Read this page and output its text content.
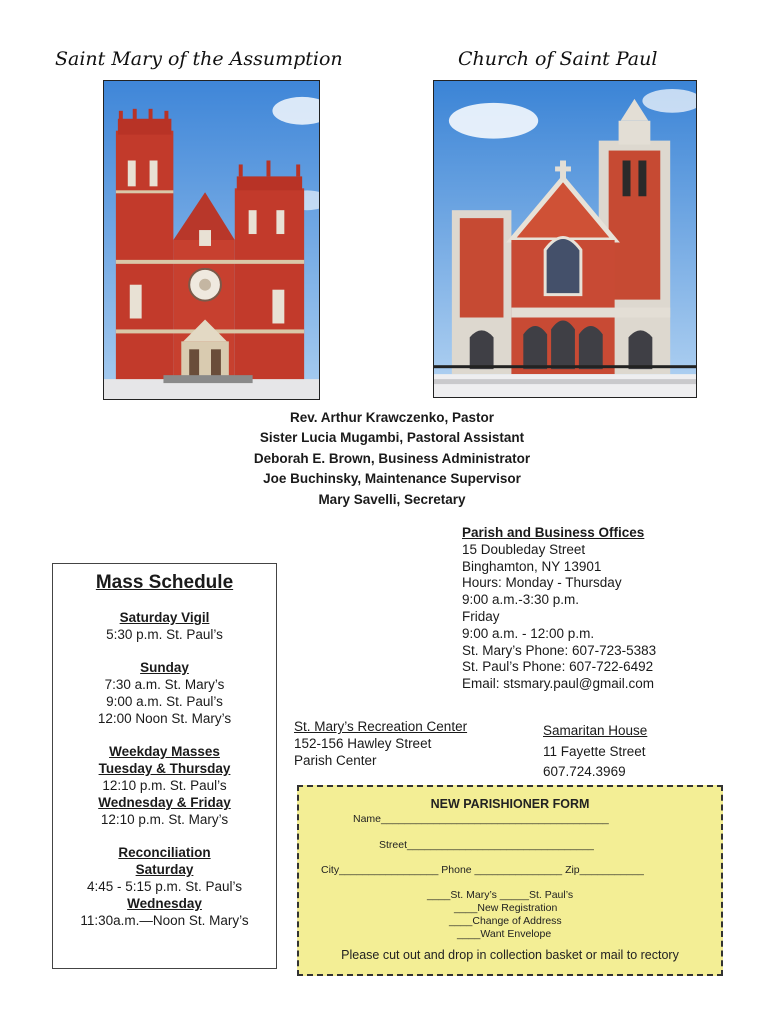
Saint Mary of the Assumption	Church of Saint Paul
Rev. Arthur Krawczenko, Pastor
Sister Lucia Mugambi, Pastoral Assistant
Deborah E. Brown, Business Administrator
Joe Buchinsky, Maintenance Supervisor
Mary Savelli, Secretary
Parish and Business Offices
15 Doubleday Street
Binghamton, NY 13901
Hours: Monday - Thursday
9:00 a.m.-3:30 p.m.
Friday
9:00 a.m. - 12:00 p.m.
St. Mary’s Phone: 607-723-5383
St. Paul’s Phone: 607-722-6492
Email: stsmary.paul@gmail.com
Mass Schedule
Saturday Vigil
5:30 p.m. St. Paul’s
Sunday
7:30 a.m. St. Mary’s
9:00 a.m. St. Paul’s
12:00 Noon St. Mary’s
Weekday Masses
Tuesday & Thursday
12:10 p.m. St. Paul’s
Wednesday & Friday
12:10 p.m. St. Mary’s
Reconciliation
Saturday
4:45 - 5:15 p.m. St. Paul’s
Wednesday
11:30a.m.—Noon St. Mary’s
St. Mary’s Recreation Center
152-156 Hawley Street
Parish Center
Samaritan House
11 Fayette Street
607.724.3969
NEW PARISHIONER FORM
Name_______________________________________
Street________________________________
City_________________ Phone _______________ Zip___________
____St. Mary’s _____St. Paul’s
____New Registration
____Change of Address
____Want Envelope
Please cut out and drop in collection basket or mail to rectory
